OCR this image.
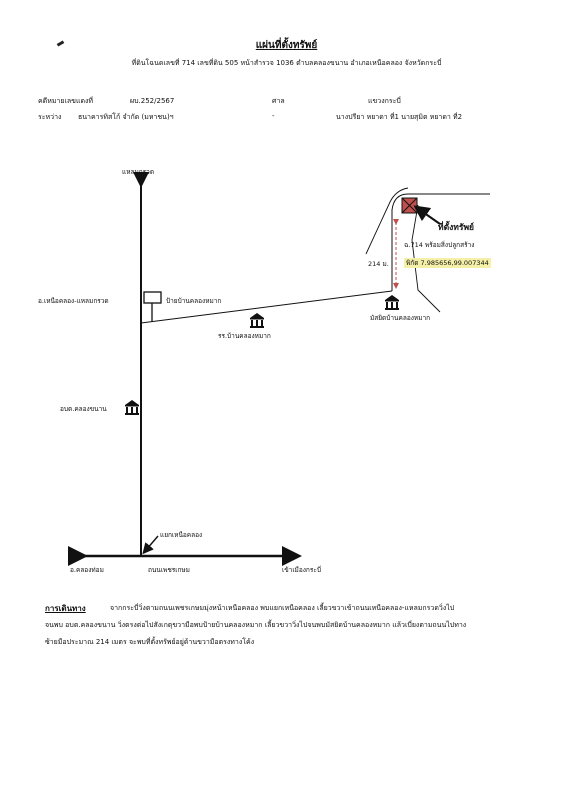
แผ่นที่ตั้งทรัพย์
ที่ดินโฉนดเลขที่ 714 เลขที่ดิน 505 หน้าสำรวจ 1036 ตำบลคลองขนาน อำเภอเหนือคลอง จังหวัดกระบี่
คดีหมายเลขแดงที่	ผบ.252/2567	ศาล	แขวงกระบี่
ระหว่าง ธนาคารทิสโก้ จำกัด (มหาชน)ฯ	-	นางปรียา หยาดา ที่1 นายสุมิต หยาดา ที่2
แหลมกรวด
อ.เหนือคลอง-แหลมกรวด	ป้ายบ้านคลองหมาก
รร.บ้านคลองหมาก
มัสยิดบ้านคลองหมาก
อบต.คลองขนาน
แยกเหนือคลอง
อ.คลองท่อม	ถนนเพชรเกษม	เข้าเมืองกระบี่
ที่ตั้งทรัพย์
ฉ.714 พร้อมสิ่งปลูกสร้าง
214 ม.	พิกัด 7.985656,99.007344
การเดินทาง	จากกระบี่วิ่งตามถนนเพชรเกษมมุ่งหน้าเหนือคลอง พบแยกเหนือคลอง เลี้ยวขวาเข้าถนนเหนือคลอง-แหลมกรวดวิ่งไป
จนพบ อบต.คลองขนาน วิ่งตรงต่อไปสังเกตุขวามือพบป้ายบ้านคลองหมาก เลี้ยวขวาวิ่งไปจนพบมัสยิดบ้านคลองหมาก แล้วเบี่ยงตามถนนไปทาง
ซ้ายมือประมาณ 214 เมตร จะพบที่ตั้งทรัพย์อยู่ด้านขวามือตรงทางโค้ง
